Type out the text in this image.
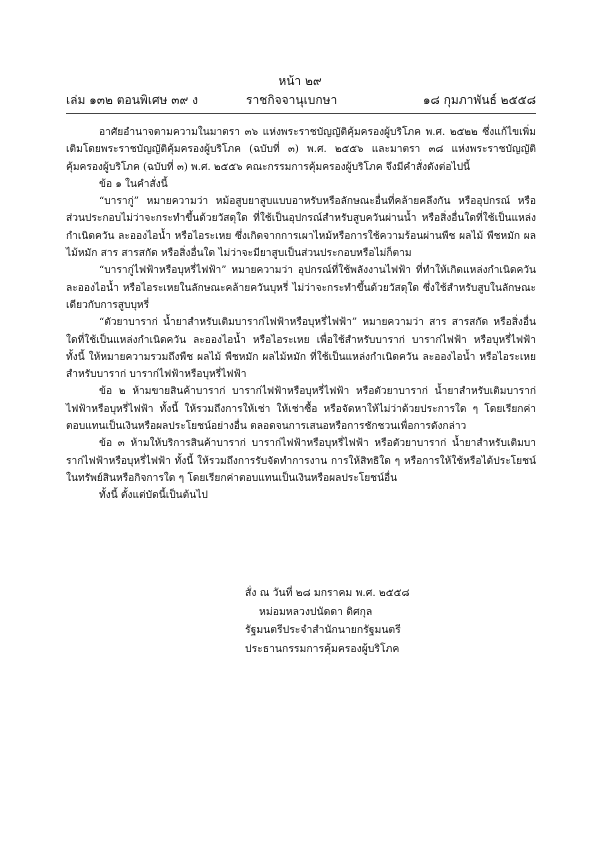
หน้า ๒๙
เล่ม ๑๓๒ ตอนพิเศษ ๓๙ ง	ราชกิจจานุเบกษา	๑๘ กุมภาพันธ์ ๒๕๕๘

อาศัยอำนาจตามความในมาตรา ๓๖ แห่งพระราชบัญญัติคุ้มครองผู้บริโภค พ.ศ. ๒๕๒๒ ซึ่งแก้ไขเพิ่มเติมโดยพระราชบัญญัติคุ้มครองผู้บริโภค (ฉบับที่ ๓) พ.ศ. ๒๕๕๖ และมาตรา ๓๘ แห่งพระราชบัญญัติคุ้มครองผู้บริโภค (ฉบับที่ ๓) พ.ศ. ๒๕๕๖ คณะกรรมการคุ้มครองผู้บริโภค จึงมีคำสั่งดังต่อไปนี้

ข้อ ๑ ในคำสั่งนี้

“บารากู่” หมายความว่า หม้อสูบยาสูบแบบอาหรับหรือลักษณะอื่นที่คล้ายคลึงกัน หรืออุปกรณ์ หรือส่วนประกอบไม่ว่าจะกระทำขึ้นด้วยวัสดุใด ที่ใช้เป็นอุปกรณ์สำหรับสูบควันผ่านน้ำ หรือสิ่งอื่นใดที่ใช้เป็นแหล่งกำเนิดควัน ละอองไอน้ำ หรือไอระเหย ซึ่งเกิดจากการเผาไหม้หรือการใช้ความร้อนผ่านพืช ผลไม้ พืชหมัก ผลไม้หมัก สาร สารสกัด หรือสิ่งอื่นใด ไม่ว่าจะมียาสูบเป็นส่วนประกอบหรือไม่ก็ตาม

“บารากู่ไฟฟ้าหรือบุหรี่ไฟฟ้า” หมายความว่า อุปกรณ์ที่ใช้พลังงานไฟฟ้า ที่ทำให้เกิดแหล่งกำเนิดควัน ละอองไอน้ำ หรือไอระเหยในลักษณะคล้ายควันบุหรี่ ไม่ว่าจะกระทำขึ้นด้วยวัสดุใด ซึ่งใช้สำหรับสูบในลักษณะเดียวกับการสูบบุหรี่

“ตัวยาบาราก่ น้ำยาสำหรับเติมบาราก่ไฟฟ้าหรือบุหรี่ไฟฟ้า” หมายความว่า สาร สารสกัด หรือสิ่งอื่นใดที่ใช้เป็นแหล่งกำเนิดควัน ละอองไอน้ำ หรือไอระเหย เพื่อใช้สำหรับบาราก่ บาราก่ไฟฟ้า หรือบุหรี่ไฟฟ้า ทั้งนี้ ให้หมายความรวมถึงพืช ผลไม้ พืชหมัก ผลไม้หมัก ที่ใช้เป็นแหล่งกำเนิดควัน ละอองไอน้ำ หรือไอระเหยสำหรับบาราก่ บาราก่ไฟฟ้าหรือบุหรี่ไฟฟ้า

ข้อ ๒ ห้ามขายสินค้าบาราก่ บาราก่ไฟฟ้าหรือบุหรี่ไฟฟ้า หรือตัวยาบาราก่ น้ำยาสำหรับเติมบาราก่ไฟฟ้าหรือบุหรี่ไฟฟ้า ทั้งนี้ ให้รวมถึงการให้เช่า ให้เช่าซื้อ หรือจัดหาให้ไม่ว่าด้วยประการใด ๆ โดยเรียกค่าตอบแทนเป็นเงินหรือผลประโยชน์อย่างอื่น ตลอดจนการเสนอหรือการชักชวนเพื่อการดังกล่าว

ข้อ ๓ ห้ามให้บริการสินค้าบาราก่ บาราก่ไฟฟ้าหรือบุหรี่ไฟฟ้า หรือตัวยาบาราก่ น้ำยาสำหรับเติมบาราก่ไฟฟ้าหรือบุหรี่ไฟฟ้า ทั้งนี้ ให้รวมถึงการรับจัดทำการงาน การให้สิทธิใด ๆ หรือการให้ใช้หรือได้ประโยชน์ในทรัพย์สินหรือกิจการใด ๆ โดยเรียกค่าตอบแทนเป็นเงินหรือผลประโยชน์อื่น

ทั้งนี้ ตั้งแต่บัดนี้เป็นต้นไป

สั่ง ณ วันที่ ๒๘ มกราคม พ.ศ. ๒๕๕๘
หม่อมหลวงปนัดดา ดิศกุล
รัฐมนตรีประจำสำนักนายกรัฐมนตรี
ประธานกรรมการคุ้มครองผู้บริโภค
